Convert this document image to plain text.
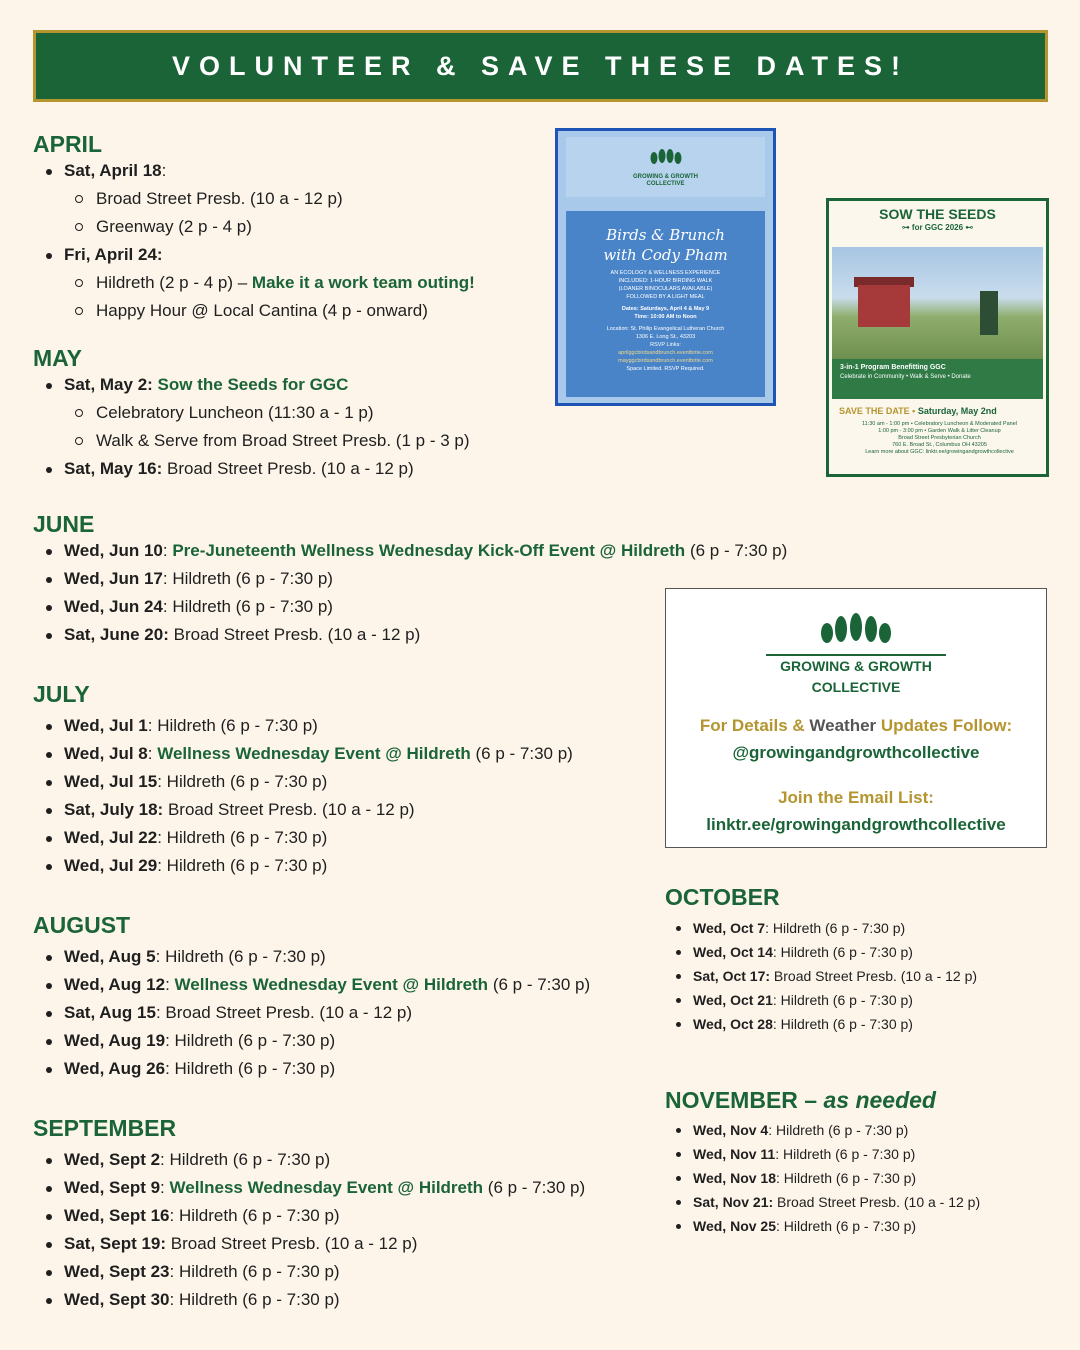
VOLUNTEER & SAVE THESE DATES!
APRIL
Sat, April 18:
Broad Street Presb. (10 a - 12 p)
Greenway (2 p - 4 p)
Fri, April 24:
Hildreth (2 p - 4 p) – Make it a work team outing!
Happy Hour @ Local Cantina (4 p - onward)
MAY
Sat, May 2: Sow the Seeds for GGC
Celebratory Luncheon (11:30 a - 1 p)
Walk & Serve from Broad Street Presb. (1 p - 3 p)
Sat, May 16: Broad Street Presb. (10 a - 12 p)
JUNE
Wed, Jun 10: Pre-Juneteenth Wellness Wednesday Kick-Off Event @ Hildreth (6 p - 7:30 p)
Wed, Jun 17: Hildreth (6 p - 7:30 p)
Wed, Jun 24: Hildreth (6 p - 7:30 p)
Sat, June 20: Broad Street Presb. (10 a - 12 p)
JULY
Wed, Jul 1: Hildreth (6 p - 7:30 p)
Wed, Jul 8: Wellness Wednesday Event @ Hildreth (6 p - 7:30 p)
Wed, Jul 15: Hildreth (6 p - 7:30 p)
Sat, July 18: Broad Street Presb. (10 a - 12 p)
Wed, Jul 22: Hildreth (6 p - 7:30 p)
Wed, Jul 29: Hildreth (6 p - 7:30 p)
AUGUST
Wed, Aug 5: Hildreth (6 p - 7:30 p)
Wed, Aug 12: Wellness Wednesday Event @ Hildreth (6 p - 7:30 p)
Sat, Aug 15: Broad Street Presb. (10 a - 12 p)
Wed, Aug 19: Hildreth (6 p - 7:30 p)
Wed, Aug 26: Hildreth (6 p - 7:30 p)
SEPTEMBER
Wed, Sept 2: Hildreth (6 p - 7:30 p)
Wed, Sept 9: Wellness Wednesday Event @ Hildreth (6 p - 7:30 p)
Wed, Sept 16: Hildreth (6 p - 7:30 p)
Sat, Sept 19: Broad Street Presb. (10 a - 12 p)
Wed, Sept 23: Hildreth (6 p - 7:30 p)
Wed, Sept 30: Hildreth (6 p - 7:30 p)
OCTOBER
Wed, Oct 7: Hildreth (6 p - 7:30 p)
Wed, Oct 14: Hildreth (6 p - 7:30 p)
Sat, Oct 17: Broad Street Presb. (10 a - 12 p)
Wed, Oct 21: Hildreth (6 p - 7:30 p)
Wed, Oct 28: Hildreth (6 p - 7:30 p)
NOVEMBER – as needed
Wed, Nov 4: Hildreth (6 p - 7:30 p)
Wed, Nov 11: Hildreth (6 p - 7:30 p)
Wed, Nov 18: Hildreth (6 p - 7:30 p)
Sat, Nov 21: Broad Street Presb. (10 a - 12 p)
Wed, Nov 25: Hildreth (6 p - 7:30 p)
GROWING & GROWTH
COLLECTIVE
Birds & Brunch
with Cody Pham
AN ECOLOGY & WELLNESS EXPERIENCE
INCLUDED: 1-HOUR BIRDING WALK
(LOANER BINOCULARS AVAILABLE)
FOLLOWED BY A LIGHT MEAL
Dates: Saturdays, April 4 & May 9
Time: 10:00 AM to Noon
Location: St. Philip Evangelical Lutheran Church
1306 E. Long St., 43203
RSVP Links:
aprilggcbirdsandbrunch.eventbrite.com
mayggcbirdsandbrunch.eventbrite.com
Space Limited. RSVP Required.
SOW THE SEEDS
⊶ for GGC 2026 ⊷
3-in-1 Program Benefitting GGC
Celebrate in Community • Walk & Serve • Donate
SAVE THE DATE • Saturday, May 2nd
11:30 am - 1:00 pm • Celebratory Luncheon & Moderated Panel
1:00 pm - 3:00 pm • Garden Walk & Litter Cleanup
Broad Street Presbyterian Church
760 E. Broad St., Columbus OH 43205
Learn more about GGC: linktr.ee/growingandgrowthcollective
GROWING & GROWTH
COLLECTIVE
For Details & Weather Updates Follow:
@growingandgrowthcollective
Join the Email List:
linktr.ee/growingandgrowthcollective
